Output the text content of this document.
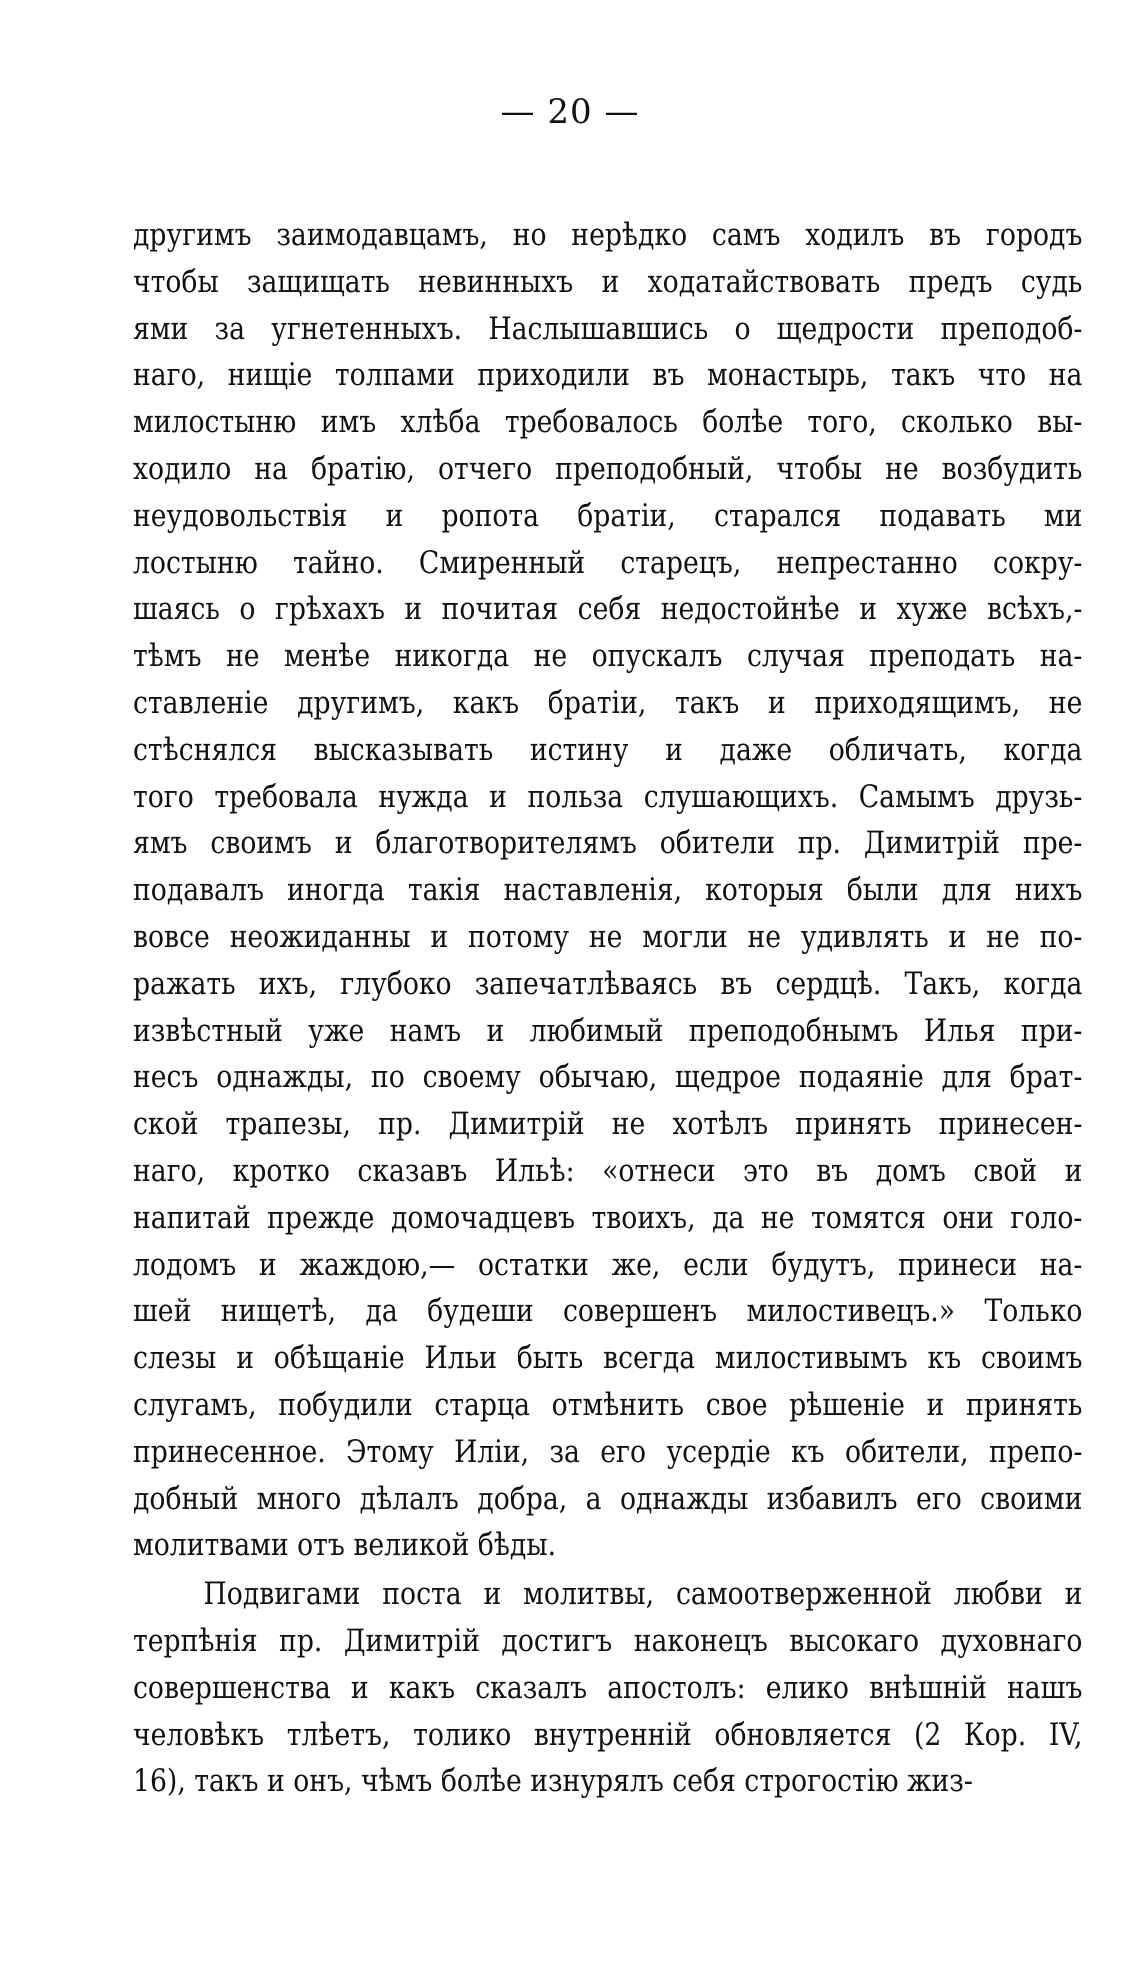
— 20 —
другимъ заимодавцамъ, но нерѣдко самъ ходилъ въ городъ
чтобы защищать невинныхъ и ходатайствовать предъ судь
ями за угнетенныхъ. Наслышавшись о щедрости преподоб-
наго, нищіе толпами приходили въ монастырь, такъ что на
милостыню имъ хлѣба требовалось болѣе того, сколько вы-
ходило на братію, отчего преподобный, чтобы не возбудить
неудовольствія и ропота братіи, старался подавать ми
лостыню тайно. Смиренный старецъ, непрестанно сокру-
шаясь о грѣхахъ и почитая себя недостойнѣе и хуже всѣхъ,-
тѣмъ не менѣе никогда не опускалъ случая преподать на-
ставленіе другимъ, какъ братіи, такъ и приходящимъ, не
стѣснялся высказывать истину и даже обличать, когда
того требовала нужда и польза слушающихъ. Самымъ друзь-
ямъ своимъ и благотворителямъ обители пр. Димитрій пре-
подавалъ иногда такія наставленія, которыя были для нихъ
вовсе неожиданны и потому не могли не удивлять и не по-
ражать ихъ, глубоко запечатлѣваясь въ сердцѣ. Такъ, когда
извѣстный уже намъ и любимый преподобнымъ Илья при-
несъ однажды, по своему обычаю, щедрое подаяніе для брат-
ской трапезы, пр. Димитрій не хотѣлъ принять принесен-
наго, кротко сказавъ Ильѣ: «отнеси это въ домъ свой и
напитай прежде домочадцевъ твоихъ, да не томятся они голо-
лодомъ и жаждою,— остатки же, если будутъ, принеси на-
шей нищетѣ, да будеши совершенъ милостивецъ.» Только
слезы и обѣщаніе Ильи быть всегда милостивымъ къ своимъ
слугамъ, побудили старца отмѣнить свое рѣшеніе и принять
принесенное. Этому Иліи, за его усердіе къ обители, препо-
добный много дѣлалъ добра, а однажды избавилъ его своими
молитвами отъ великой бѣды.
Подвигами поста и молитвы, самоотверженной любви и
терпѣнія пр. Димитрій достигъ наконецъ высокаго духовнаго
совершенства и какъ сказалъ апостолъ: елико внѣшній нашъ
человѣкъ тлѣетъ, толико внутренній обновляется (2 Кор. IV,
16), такъ и онъ, чѣмъ болѣе изнурялъ себя строгостію жиз-
